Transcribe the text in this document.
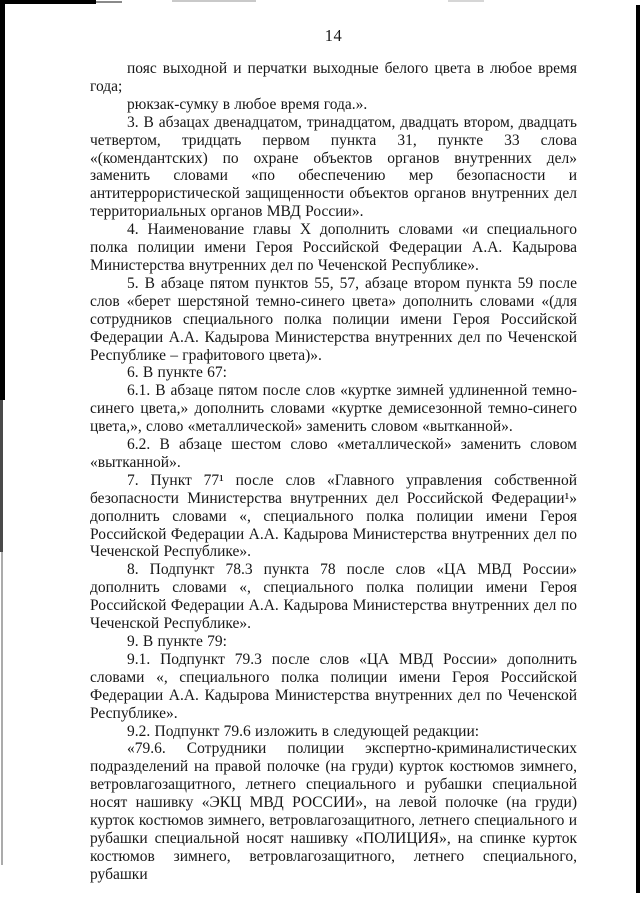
14

пояс выходной и перчатки выходные белого цвета в любое время года;

рюкзак-сумку в любое время года.».

3. В абзацах двенадцатом, тринадцатом, двадцать втором, двадцать четвертом, тридцать первом пункта 31, пункте 33 слова «(комендантских) по охране объектов органов внутренних дел» заменить словами «по обеспечению мер безопасности и антитеррористической защищенности объектов органов внутренних дел территориальных органов МВД России».

4. Наименование главы X дополнить словами «и специального полка полиции имени Героя Российской Федерации А.А. Кадырова Министерства внутренних дел по Чеченской Республике».

5. В абзаце пятом пунктов 55, 57, абзаце втором пункта 59 после слов «берет шерстяной темно-синего цвета» дополнить словами «(для сотрудников специального полка полиции имени Героя Российской Федерации А.А. Кадырова Министерства внутренних дел по Чеченской Республике – графитового цвета)».

6. В пункте 67:

6.1. В абзаце пятом после слов «куртке зимней удлиненной темно-синего цвета,» дополнить словами «куртке демисезонной темно-синего цвета,», слово «металлической» заменить словом «вытканной».

6.2. В абзаце шестом слово «металлической» заменить словом «вытканной».

7. Пункт 77¹ после слов «Главного управления собственной безопасности Министерства внутренних дел Российской Федерации¹» дополнить словами «, специального полка полиции имени Героя Российской Федерации А.А. Кадырова Министерства внутренних дел по Чеченской Республике».

8. Подпункт 78.3 пункта 78 после слов «ЦА МВД России» дополнить словами «, специального полка полиции имени Героя Российской Федерации А.А. Кадырова Министерства внутренних дел по Чеченской Республике».

9. В пункте 79:

9.1. Подпункт 79.3 после слов «ЦА МВД России» дополнить словами «, специального полка полиции имени Героя Российской Федерации А.А. Кадырова Министерства внутренних дел по Чеченской Республике».

9.2. Подпункт 79.6 изложить в следующей редакции:

«79.6. Сотрудники полиции экспертно-криминалистических подразделений на правой полочке (на груди) курток костюмов зимнего, ветровлагозащитного, летнего специального и рубашки специальной носят нашивку «ЭКЦ МВД РОССИИ», на левой полочке (на груди) курток костюмов зимнего, ветровлагозащитного, летнего специального и рубашки специальной носят нашивку «ПОЛИЦИЯ», на спинке курток костюмов зимнего, ветровлагозащитного, летнего специального, рубашки
